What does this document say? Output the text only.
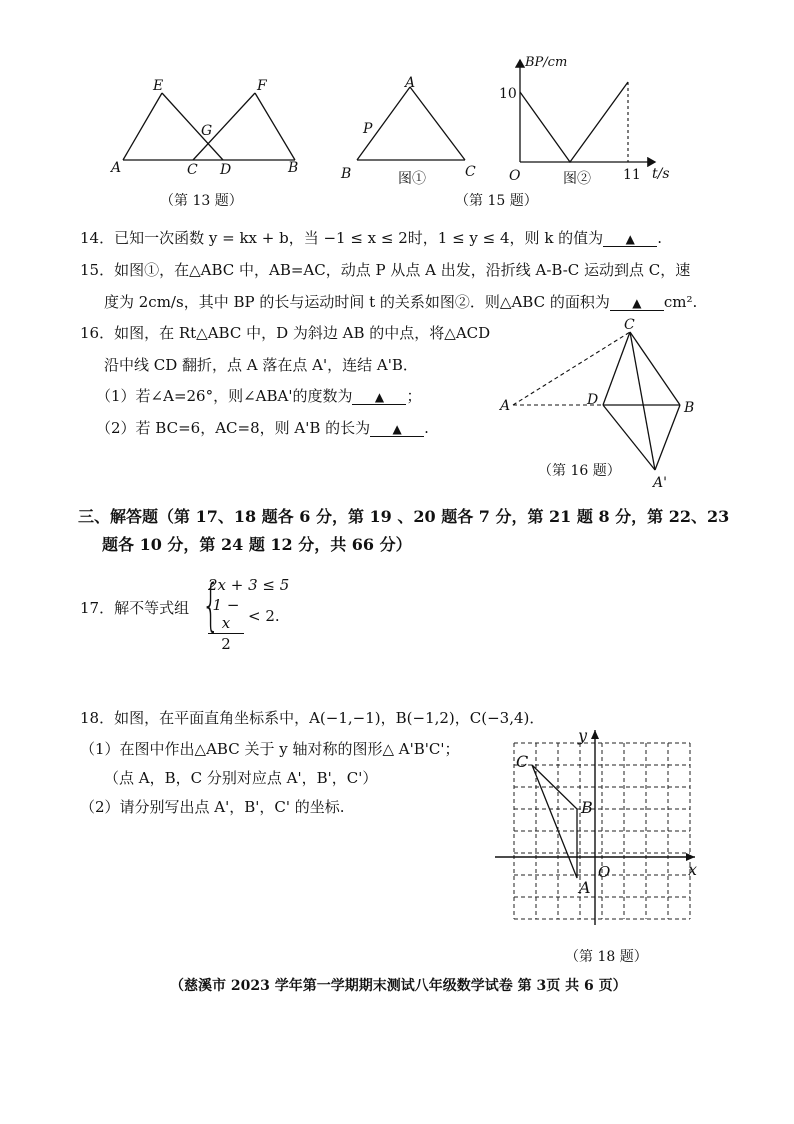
A
E
G
C D
F
B
（第 13 题）
A
P
B	C
图①
BP/cm
10
O	11 t/s
图②
（第 15 题）
14．已知一次函数 y = kx + b，当 −1 ≤ x ≤ 2时，1 ≤ y ≤ 4，则 k 的值为 ▲ .
15．如图①，在△ABC 中，AB=AC，动点 P 从点 A 出发，沿折线 A-B-C 运动到点 C，速
度为 2cm/s，其中 BP 的长与运动时间 t 的关系如图②．则△ABC 的面积为 ▲ cm².
16．如图，在 Rt△ABC 中，D 为斜边 AB 的中点，将△ACD
沿中线 CD 翻折，点 A 落在点 A'，连结 A'B．
（1）若∠A=26°，则∠ABA'的度数为 ▲ ；
（2）若 BC=6，AC=8，则 A'B 的长为 ▲ .
C
A	D	B
A'
（第 16 题）
三、解答题（第 17、18 题各 6 分，第 19 、20 题各 7 分，第 21 题 8 分，第 22、23
题各 10 分，第 24 题 12 分，共 66 分）
17．解不等式组 {
2x + 3 ≤ 5
1 − x
2
< 2.
18．如图，在平面直角坐标系中，A(−1,−1)，B(−1,2)，C(−3,4)．
（1）在图中作出△ABC 关于 y 轴对称的图形△ A'B'C'；
（点 A，B，C 分别对应点 A'，B'，C'）
（2）请分别写出点 A'，B'，C' 的坐标.
y
x
O
C
B
A
（第 18 题）
（慈溪市 2023 学年第一学期期末测试八年级数学试卷 第 3页 共 6 页）
